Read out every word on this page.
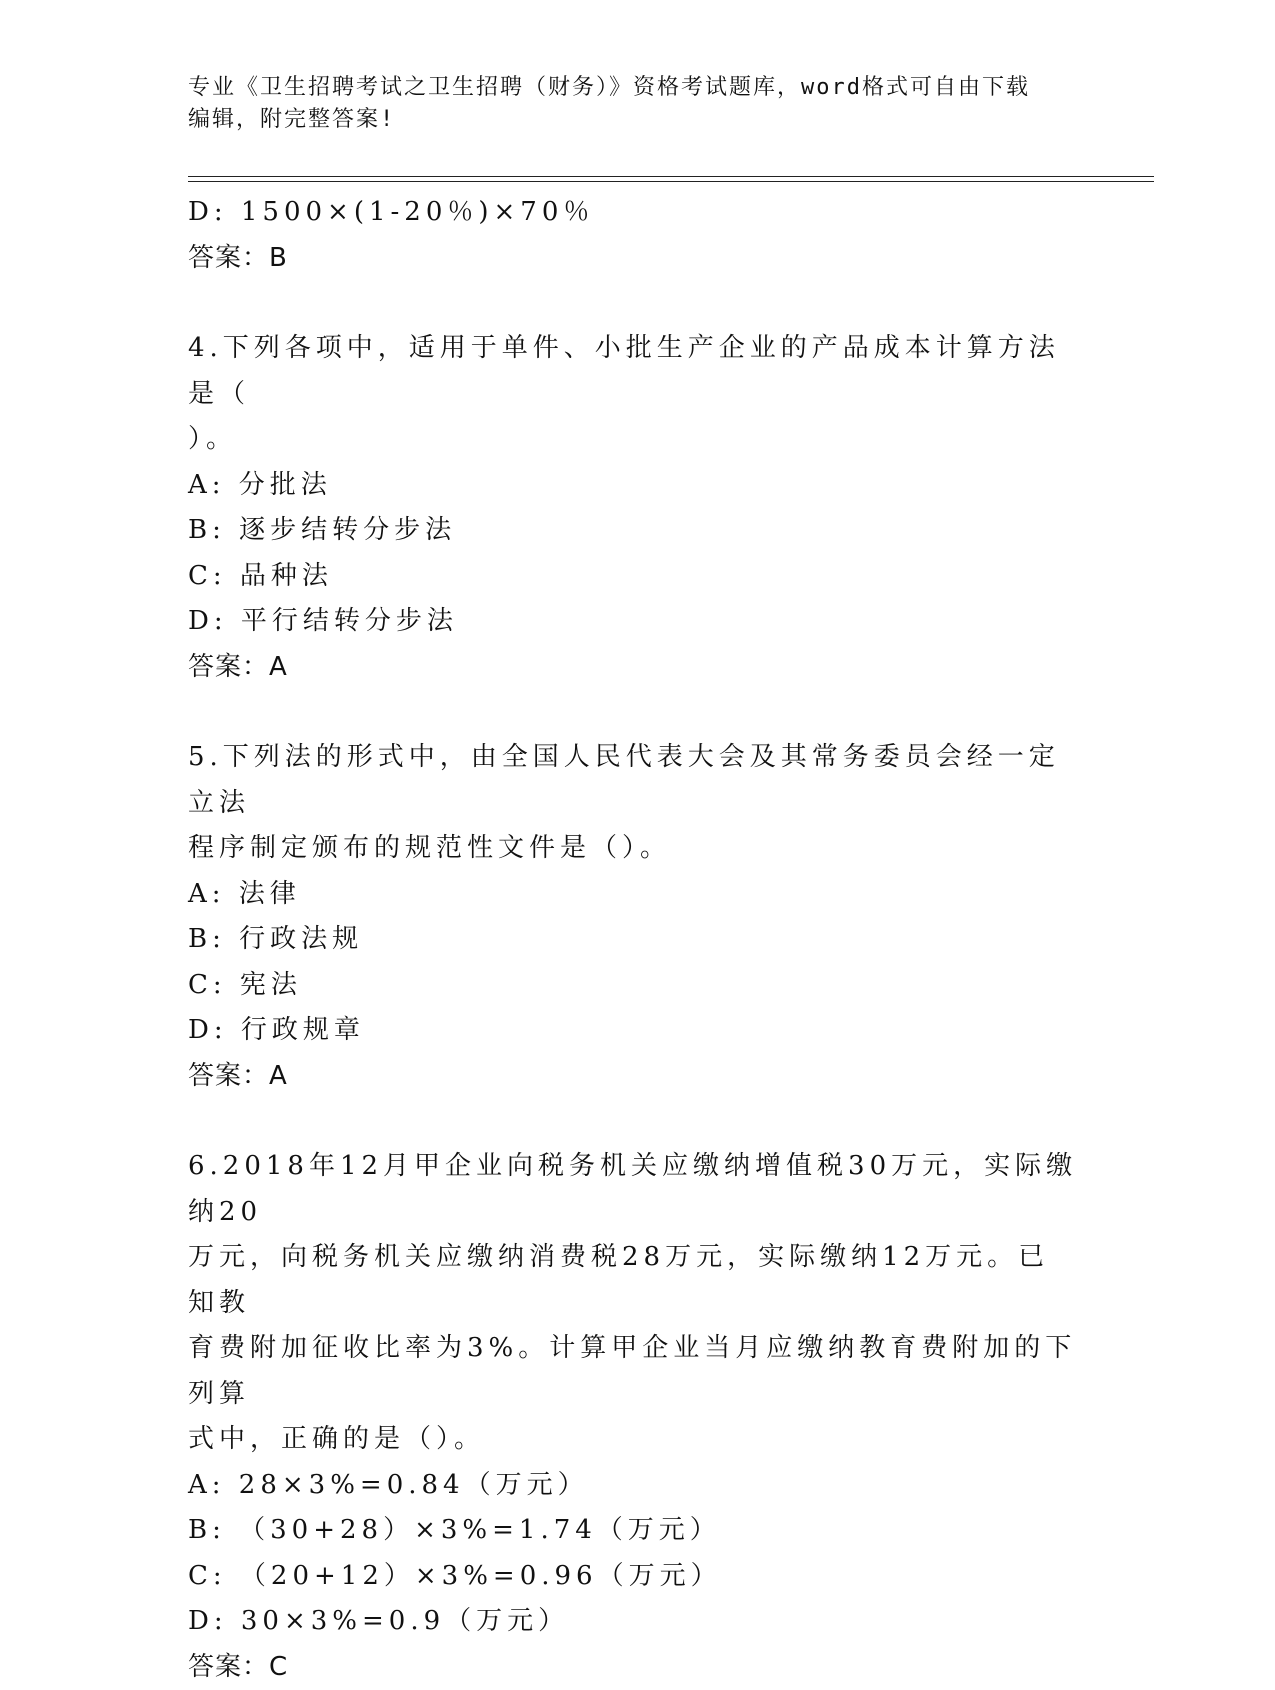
专业《卫生招聘考试之卫生招聘（财务）》资格考试题库，word格式可自由下载
编辑，附完整答案!
D: 1500×(1-20％)×70％
答案：B
4.下列各项中，适用于单件、小批生产企业的产品成本计算方法是（
）。
A: 分批法
B: 逐步结转分步法
C: 品种法
D: 平行结转分步法
答案：A
5.下列法的形式中，由全国人民代表大会及其常务委员会经一定立法
程序制定颁布的规范性文件是（）。
A: 法律
B: 行政法规
C: 宪法
D: 行政规章
答案：A
6.2018年12月甲企业向税务机关应缴纳增值税30万元，实际缴纳20
万元，向税务机关应缴纳消费税28万元，实际缴纳12万元。已知教
育费附加征收比率为3%。计算甲企业当月应缴纳教育费附加的下列算
式中，正确的是（）。
A: 28×3%=0.84（万元）
B: （30+28）×3%=1.74（万元）
C: （20+12）×3%=0.96（万元）
D: 30×3%=0.9（万元）
答案：C
